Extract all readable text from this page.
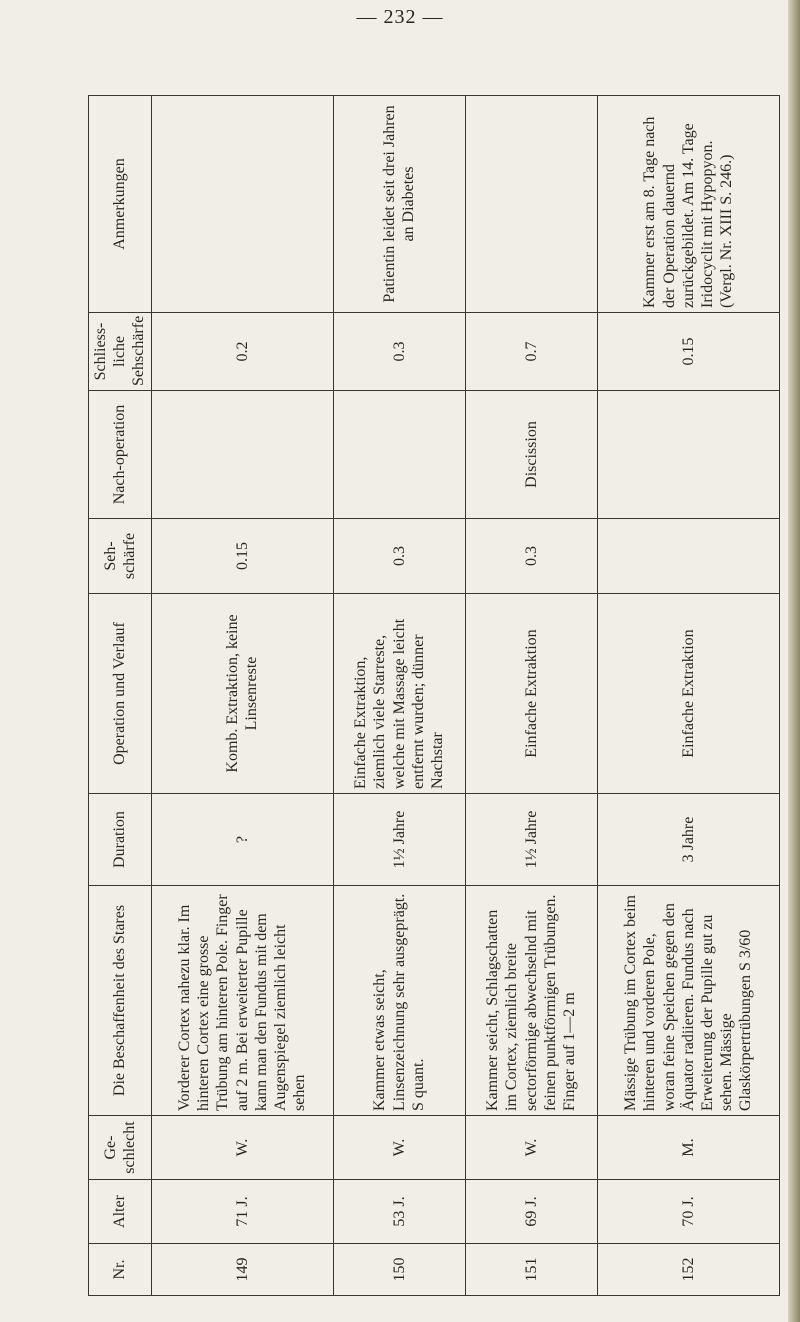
— 232 —
Nr.	Alter	Ge-schlecht	Die Beschaffenheit des Stares	Duration	Operation und Verlauf	Seh-schärfe	Nach-operation	Schliess-liche Sehschärfe	Anmerkungen
149	71 J.	W.	Vorderer Cortex nahezu klar. Im hinteren Cortex eine grosse Trübung am hinteren Pole. Finger auf 2 m. Bei erweiterter Pupille kann man den Fundus mit dem Augenspiegel ziemlich leicht sehen	?	Komb. Extraktion, keine Linsenreste	0.15		0.2	
150	53 J.	W.	Kammer etwas seicht, Linsenzeichnung sehr ausgeprägt. S quant.	1½ Jahre	Einfache Extraktion, ziemlich viele Starreste, welche mit Massage leicht entfernt wurden; dünner Nachstar	0.3		0.3	Patientin leidet seit drei Jahren an Diabetes
151	69 J.	W.	Kammer seicht, Schlagschatten im Cortex, ziemlich breite sectorförmige abwechselnd mit feinen punktförmigen Trübungen. Finger auf 1—2 m	1½ Jahre	Einfache Extraktion	0.3	Discission	0.7	
152	70 J.	M.	Mässige Trübung im Cortex beim hinteren und vorderen Pole, woran feine Speichen gegen den Äquator radiieren. Fundus nach Erweiterung der Pupille gut zu sehen. Mässige Glaskörpertrübungen S 3/60	3 Jahre	Einfache Extraktion			0.15	Kammer erst am 8. Tage nach der Operation dauernd zurückgebildet. Am 14. Tage Iridocyclit mit Hypopyon. (Vergl. Nr. XIII S. 246.)
